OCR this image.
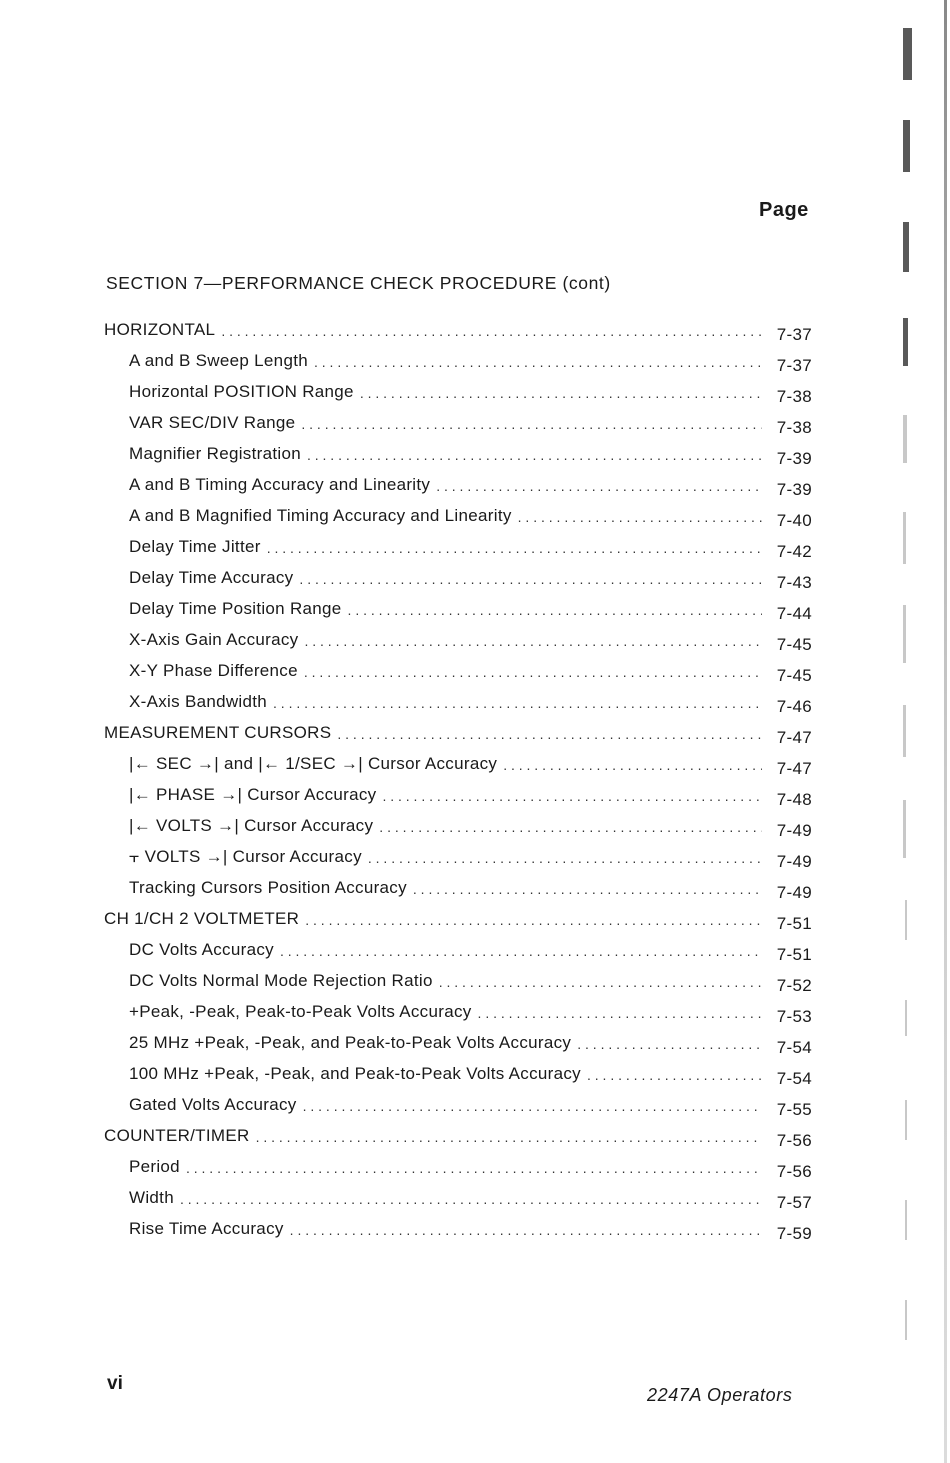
Page
SECTION 7—PERFORMANCE CHECK PROCEDURE (cont)
HORIZONTAL . . .	7-37
A and B Sweep Length . . .	7-37
Horizontal POSITION Range . . .	7-38
VAR SEC/DIV Range . . .	7-38
Magnifier Registration . . .	7-39
A and B Timing Accuracy and Linearity . . .	7-39
A and B Magnified Timing Accuracy and Linearity . . .	7-40
Delay Time Jitter . . .	7-42
Delay Time Accuracy . . .	7-43
Delay Time Position Range . . .	7-44
X-Axis Gain Accuracy . . .	7-45
X-Y Phase Difference . . .	7-45
X-Axis Bandwidth . . .	7-46
MEASUREMENT CURSORS . . .	7-47
|← SEC →| and |← 1/SEC →| Cursor Accuracy . . .	7-47
|← PHASE →| Cursor Accuracy . . .	7-48
|← VOLTS →| Cursor Accuracy . . .	7-49
⫟ VOLTS →| Cursor Accuracy . . .	7-49
Tracking Cursors Position Accuracy . . .	7-49
CH 1/CH 2 VOLTMETER . . .	7-51
DC Volts Accuracy . . .	7-51
DC Volts Normal Mode Rejection Ratio . . .	7-52
+Peak, -Peak, Peak-to-Peak Volts Accuracy . . .	7-53
25 MHz +Peak, -Peak, and Peak-to-Peak Volts Accuracy . . .	7-54
100 MHz +Peak, -Peak, and Peak-to-Peak Volts Accuracy . . .	7-54
Gated Volts Accuracy . . .	7-55
COUNTER/TIMER . . .	7-56
Period . . .	7-56
Width . . .	7-57
Rise Time Accuracy . . .	7-59
vi
2247A Operators
